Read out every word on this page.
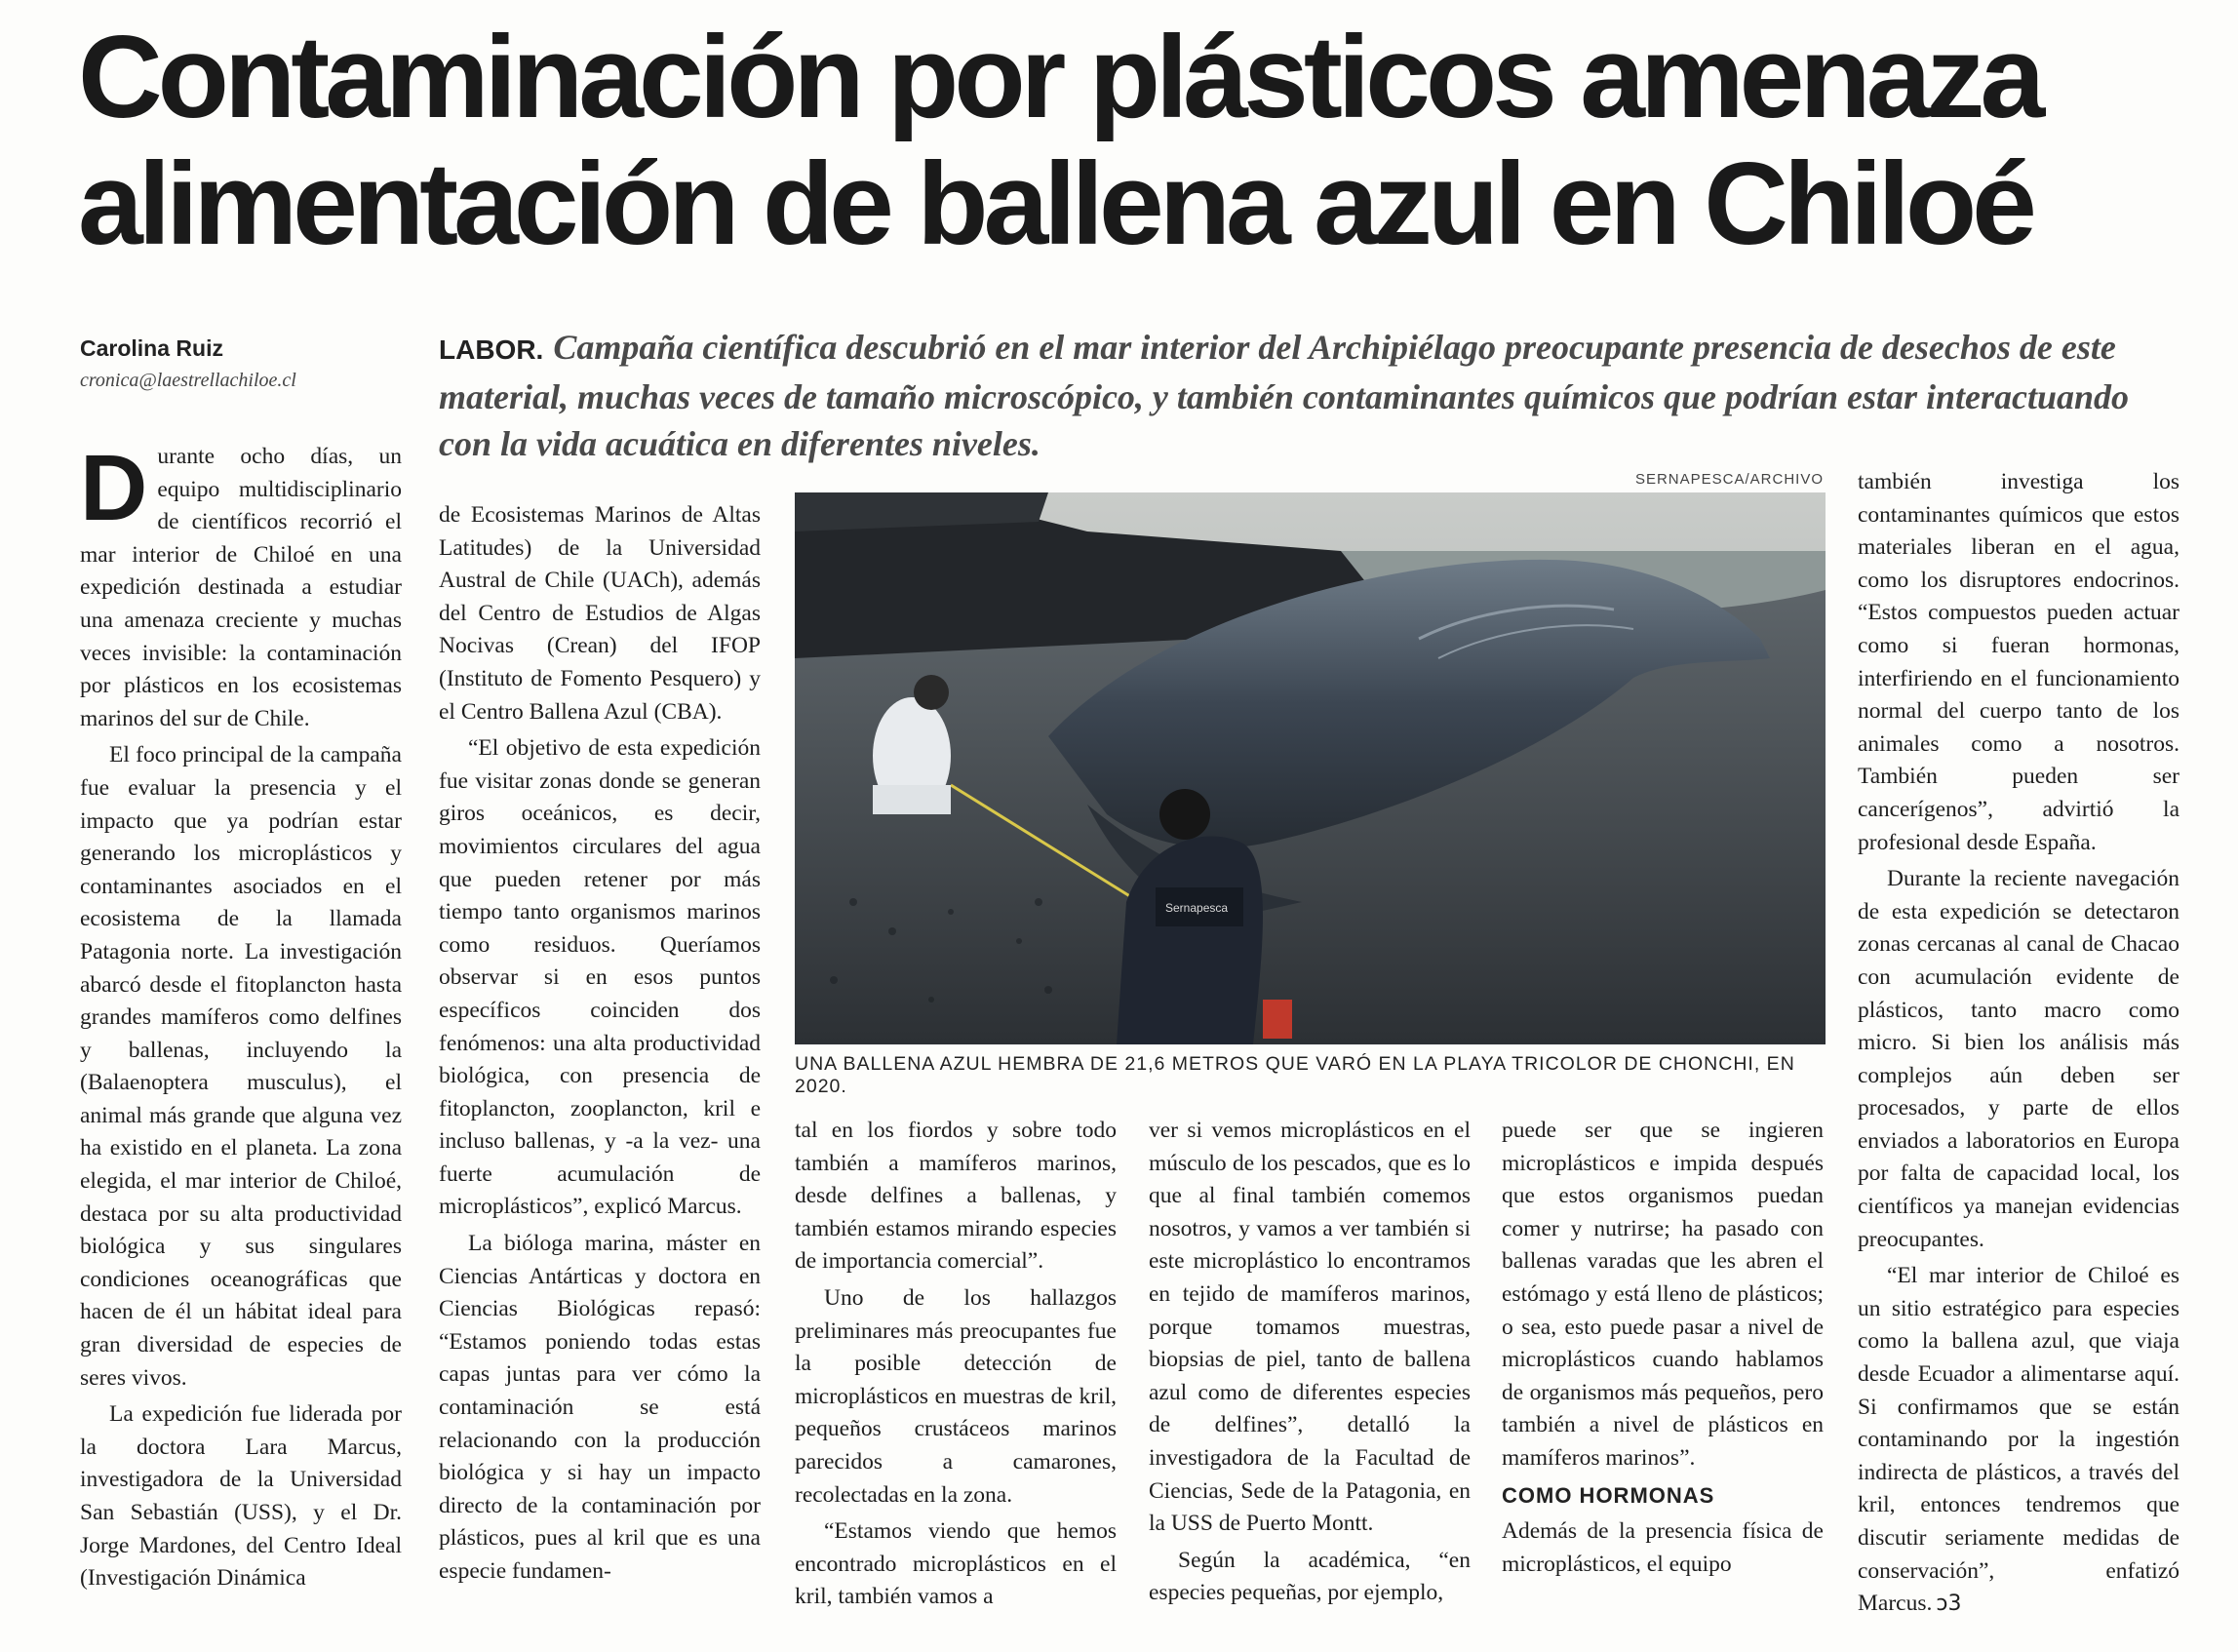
Contaminación por plásticos amenaza
alimentación de ballena azul en Chiloé
Carolina Ruiz
cronica@laestrellachiloe.cl
LABOR. Campaña científica descubrió en el mar interior del Archipiélago preocupante presencia de desechos de este material, muchas veces de tamaño microscópico, y también contaminantes químicos que podrían estar interactuando con la vida acuática en diferentes niveles.
SERNAPESCA/ARCHIVO
Sernapesca
UNA BALLENA AZUL HEMBRA DE 21,6 METROS QUE VARÓ EN LA PLAYA TRICOLOR DE CHONCHI, EN 2020.
D urante ocho días, un equipo multidisciplinario de científicos recorrió el mar interior de Chiloé en una expedición destinada a estudiar una amenaza creciente y muchas veces invisible: la contaminación por plásticos en los ecosistemas marinos del sur de Chile.

El foco principal de la campaña fue evaluar la presencia y el impacto que ya podrían estar generando los microplásticos y contaminantes asociados en el ecosistema de la llamada Patagonia norte. La investigación abarcó desde el fitoplancton hasta grandes mamíferos como delfines y ballenas, incluyendo la (Balaenoptera musculus), el animal más grande que alguna vez ha existido en el planeta. La zona elegida, el mar interior de Chiloé, destaca por su alta productividad biológica y sus singulares condiciones oceanográficas que hacen de él un hábitat ideal para gran diversidad de especies de seres vivos.

La expedición fue liderada por la doctora Lara Marcus, investigadora de la Universidad San Sebastián (USS), y el Dr. Jorge Mardones, del Centro Ideal (Investigación Dinámica

de Ecosistemas Marinos de Altas Latitudes) de la Universidad Austral de Chile (UACh), además del Centro de Estudios de Algas Nocivas (Crean) del IFOP (Instituto de Fomento Pesquero) y el Centro Ballena Azul (CBA).

“El objetivo de esta expedición fue visitar zonas donde se generan giros oceánicos, es decir, movimientos circulares del agua que pueden retener por más tiempo tanto organismos marinos como residuos. Queríamos observar si en esos puntos específicos coinciden dos fenómenos: una alta productividad biológica, con presencia de fitoplancton, zooplancton, kril e incluso ballenas, y -a la vez- una fuerte acumulación de microplásticos”, explicó Marcus.

La bióloga marina, máster en Ciencias Antárticas y doctora en Ciencias Biológicas repasó: “Estamos poniendo todas estas capas juntas para ver cómo la contaminación se está relacionando con la producción biológica y si hay un impacto directo de la contaminación por plásticos, pues al kril que es una especie fundamen-

tal en los fiordos y sobre todo también a mamíferos marinos, desde delfines a ballenas, y también estamos mirando especies de importancia comercial”.

Uno de los hallazgos preliminares más preocupantes fue la posible detección de microplásticos en muestras de kril, pequeños crustáceos marinos parecidos a camarones, recolectadas en la zona.

“Estamos viendo que hemos encontrado microplásticos en el kril, también vamos a

ver si vemos microplásticos en el músculo de los pescados, que es lo que al final también comemos nosotros, y vamos a ver también si este microplástico lo encontramos en tejido de mamíferos marinos, porque tomamos muestras, biopsias de piel, tanto de ballena azul como de diferentes especies de delfines”, detalló la investigadora de la Facultad de Ciencias, Sede de la Patagonia, en la USS de Puerto Montt.

Según la académica, “en especies pequeñas, por ejemplo,

puede ser que se ingieren microplásticos e impida después que estos organismos puedan comer y nutrirse; ha pasado con ballenas varadas que les abren el estómago y está lleno de plásticos; o sea, esto puede pasar a nivel de microplásticos cuando hablamos de organismos más pequeños, pero también a nivel de plásticos en mamíferos marinos”.

COMO HORMONAS

Además de la presencia física de microplásticos, el equipo

también investiga los contaminantes químicos que estos materiales liberan en el agua, como los disruptores endocrinos. “Estos compuestos pueden actuar como si fueran hormonas, interfiriendo en el funcionamiento normal del cuerpo tanto de los animales como a nosotros. También pueden ser cancerígenos”, advirtió la profesional desde España.

Durante la reciente navegación de esta expedición se detectaron zonas cercanas al canal de Chacao con acumulación evidente de plásticos, tanto macro como micro. Si bien los análisis más complejos aún deben ser procesados, y parte de ellos enviados a laboratorios en Europa por falta de capacidad local, los científicos ya manejan evidencias preocupantes.

“El mar interior de Chiloé es un sitio estratégico para especies como la ballena azul, que viaja desde Ecuador a alimentarse aquí. Si confirmamos que se están contaminando por la ingestión indirecta de plásticos, a través del kril, entonces tendremos que discutir seriamente medidas de conservación”, enfatizó Marcus. ↄ3
